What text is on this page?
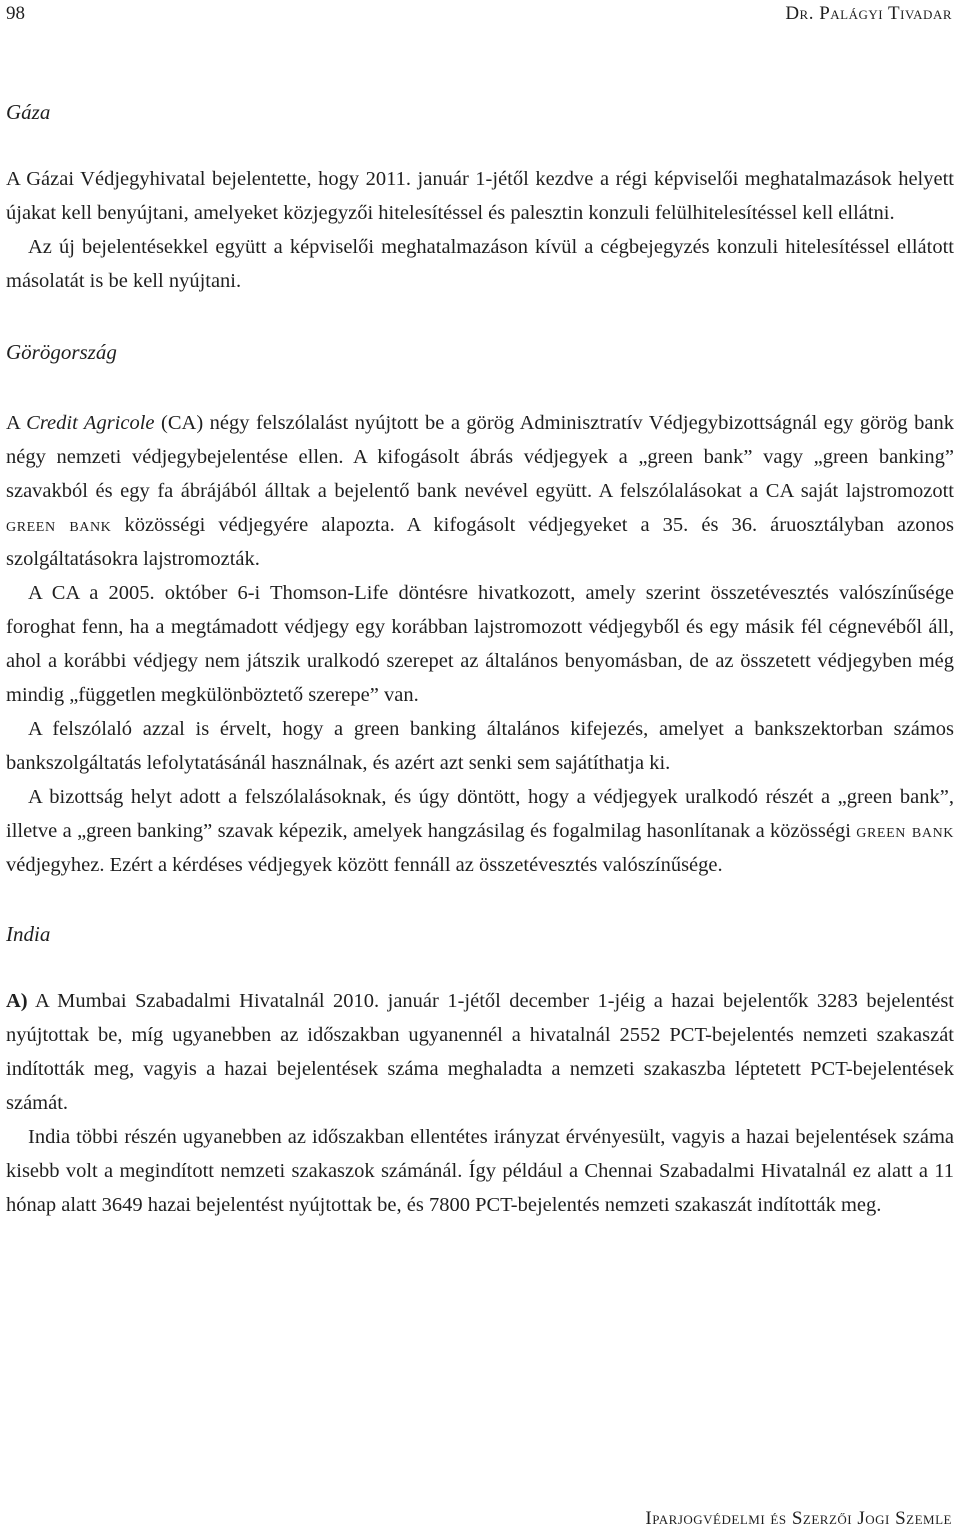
98	Dr. Palágyi Tivadar
Gáza

A Gázai Védjegyhivatal bejelentette, hogy 2011. január 1-jétől kezdve a régi képviselői meghatalmazások helyett újakat kell benyújtani, amelyeket közjegyzői hitelesítéssel és palesztin konzuli felülhitelesítéssel kell ellátni.

Az új bejelentésekkel együtt a képviselői meghatalmazáson kívül a cégbejegyzés konzuli hitelesítéssel ellátott másolatát is be kell nyújtani.

Görögország

A Credit Agricole (CA) négy felszólalást nyújtott be a görög Adminisztratív Védjegybizottságnál egy görög bank négy nemzeti védjegybejelentése ellen. A kifogásolt ábrás védjegyek a „green bank” vagy „green banking” szavakból és egy fa ábrájából álltak a bejelentő bank nevével együtt. A felszólalásokat a CA saját lajstromozott green bank közösségi védjegyére alapozta. A kifogásolt védjegyeket a 35. és 36. áruosztályban azonos szolgáltatásokra lajstromozták.

A CA a 2005. október 6-i Thomson-Life döntésre hivatkozott, amely szerint összetévesztés valószínűsége foroghat fenn, ha a megtámadott védjegy egy korábban lajstromozott védjegyből és egy másik fél cégnevéből áll, ahol a korábbi védjegy nem játszik uralkodó szerepet az általános benyomásban, de az összetett védjegyben még mindig „független megkülönböztető szerepe” van.

A felszólaló azzal is érvelt, hogy a green banking általános kifejezés, amelyet a bankszektorban számos bankszolgáltatás lefolytatásánál használnak, és azért azt senki sem sajátíthatja ki.

A bizottság helyt adott a felszólalásoknak, és úgy döntött, hogy a védjegyek uralkodó részét a „green bank”, illetve a „green banking” szavak képezik, amelyek hangzásilag és fogalmilag hasonlítanak a közösségi green bank védjegyhez. Ezért a kérdéses védjegyek között fennáll az összetévesztés valószínűsége.

India

A) A Mumbai Szabadalmi Hivatalnál 2010. január 1-jétől december 1-jéig a hazai bejelentők 3283 bejelentést nyújtottak be, míg ugyanebben az időszakban ugyanennél a hivatalnál 2552 PCT-bejelentés nemzeti szakaszát indították meg, vagyis a hazai bejelentések száma meghaladta a nemzeti szakaszba léptetett PCT-bejelentések számát.

India többi részén ugyanebben az időszakban ellentétes irányzat érvényesült, vagyis a hazai bejelentések száma kisebb volt a megindított nemzeti szakaszok számánál. Így például a Chennai Szabadalmi Hivatalnál ez alatt a 11 hónap alatt 3649 hazai bejelentést nyújtottak be, és 7800 PCT-bejelentés nemzeti szakaszát indították meg.

Iparjogvédelmi és Szerzői Jogi Szemle
